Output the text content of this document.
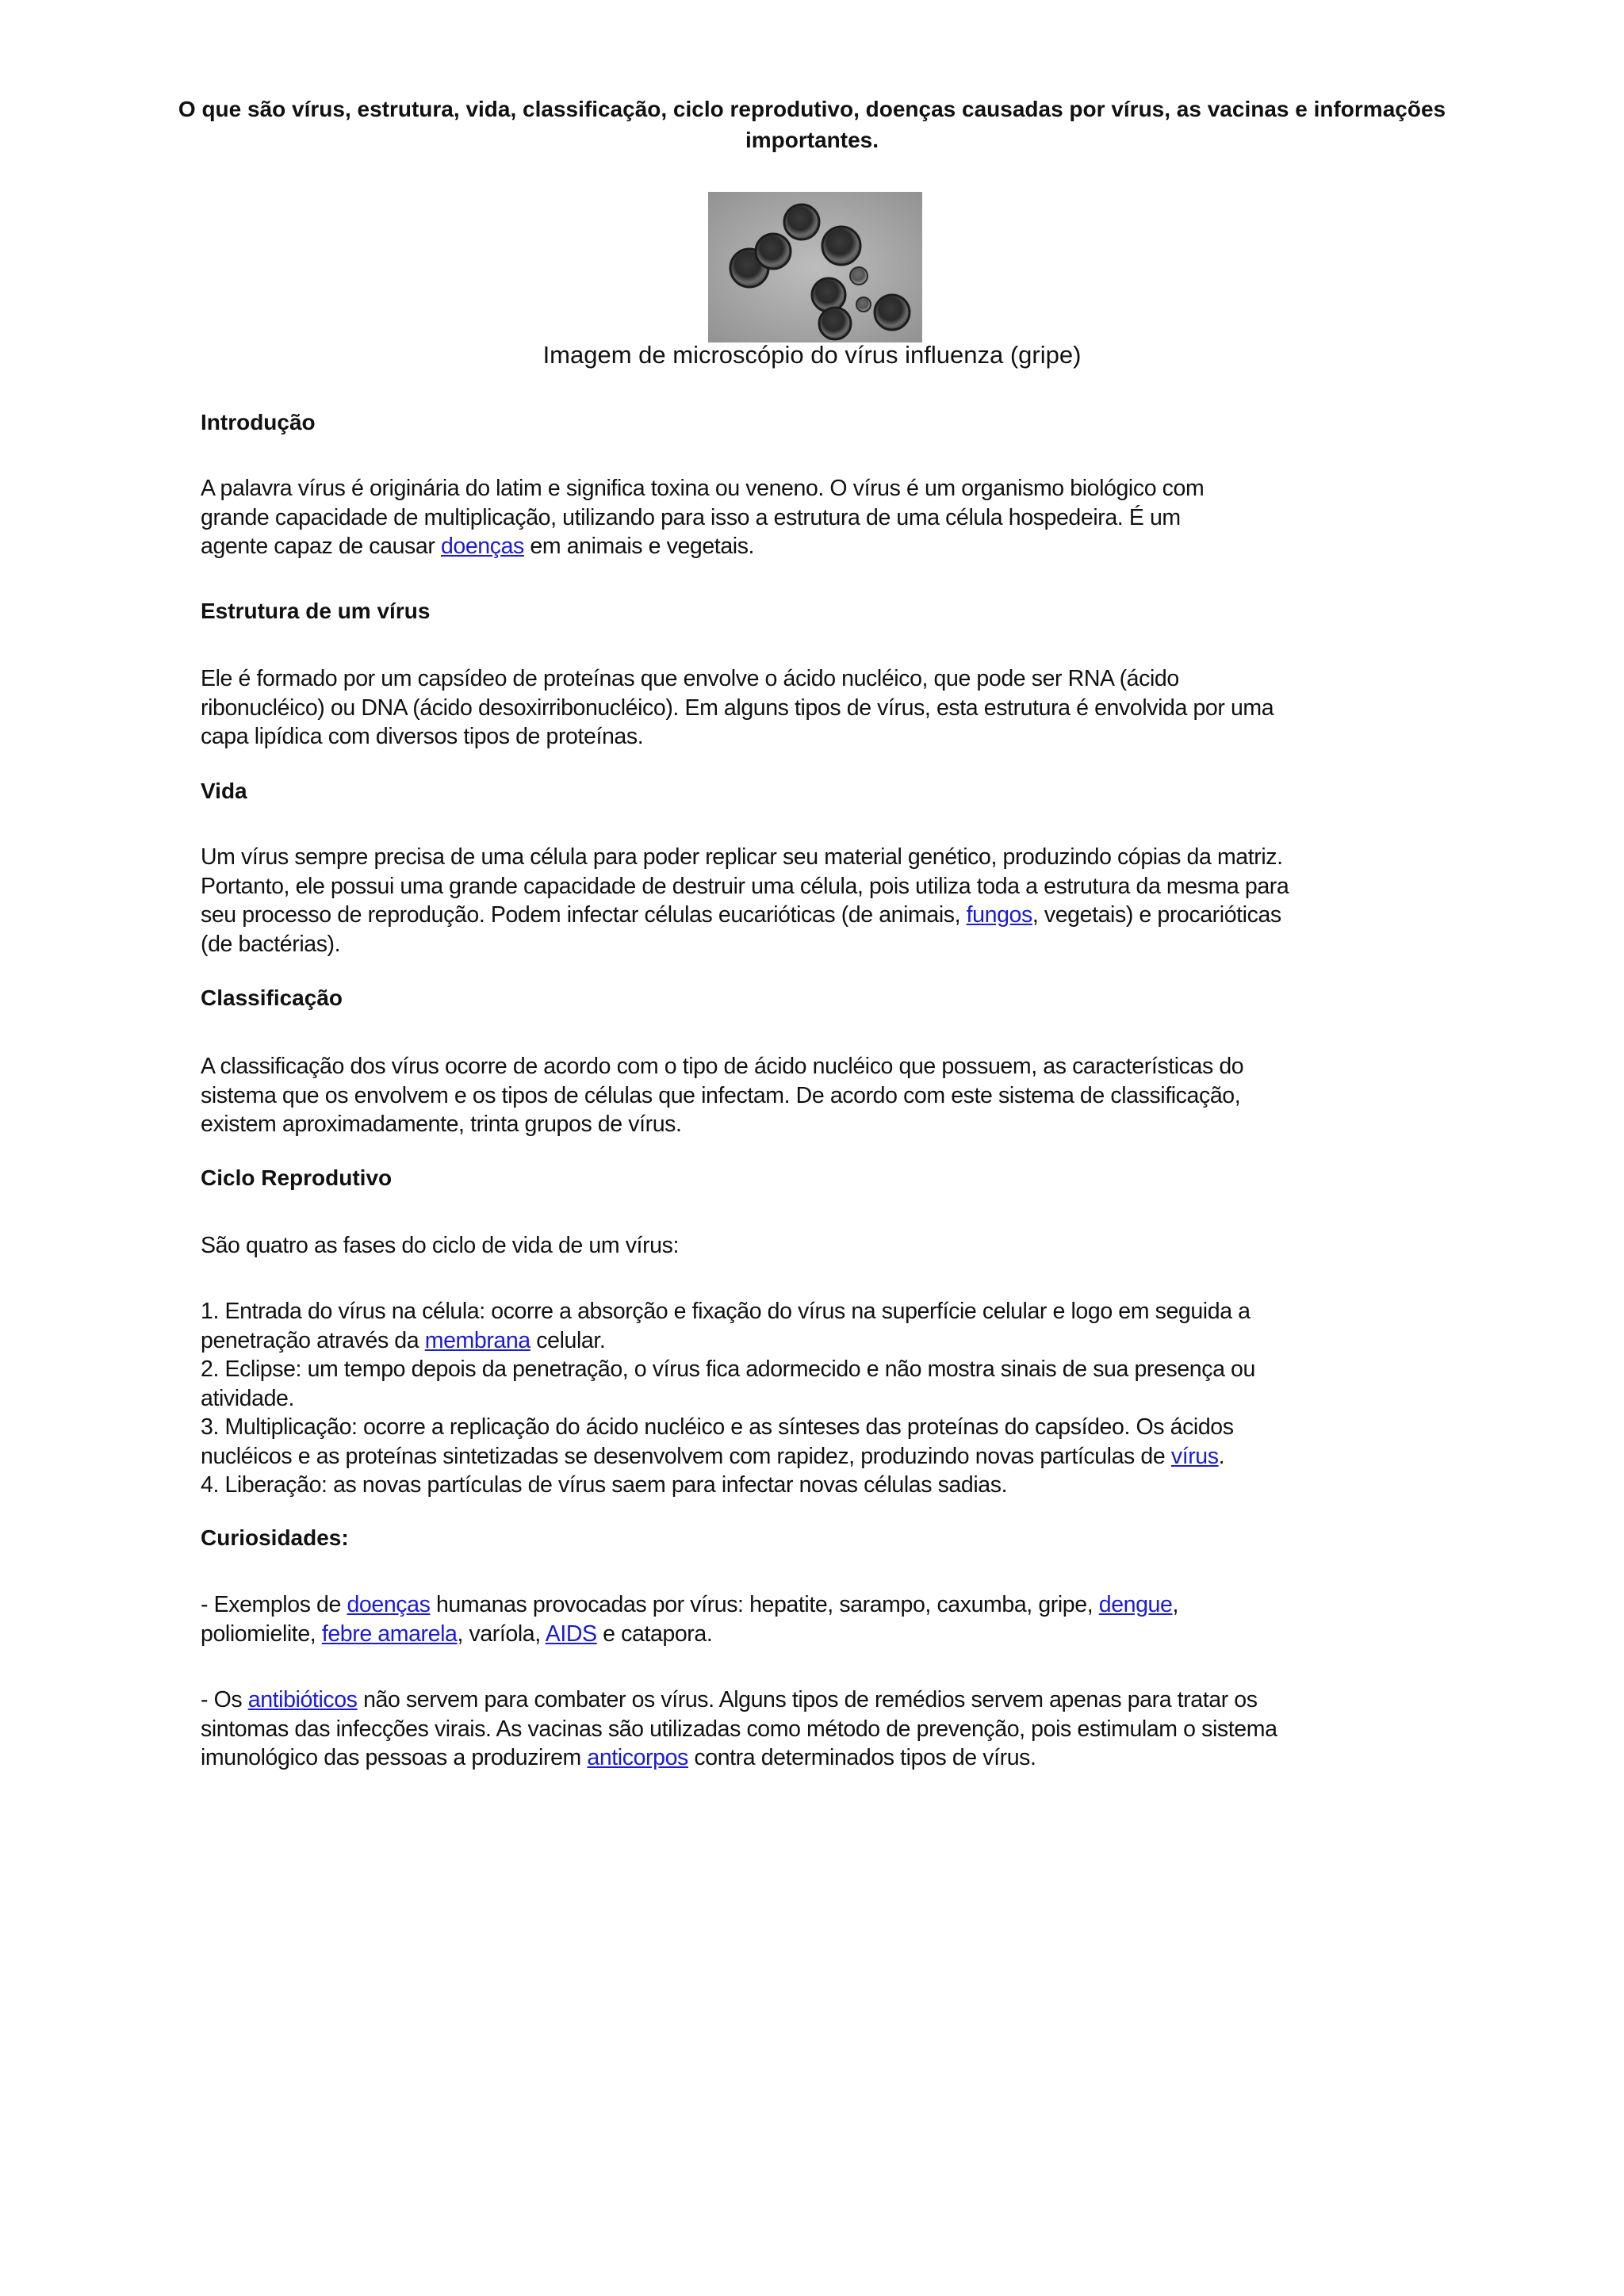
O que são vírus, estrutura, vida, classificação, ciclo reprodutivo, doenças causadas por vírus, as vacinas e informações importantes.
Imagem de microscópio do vírus influenza (gripe)
Introdução
A palavra vírus é originária do latim e significa toxina ou veneno. O vírus é um organismo biológico com
grande capacidade de multiplicação, utilizando para isso a estrutura de uma célula hospedeira. É um
agente capaz de causar doenças em animais e vegetais.
Estrutura de um vírus
Ele é formado por um capsídeo de proteínas que envolve o ácido nucléico, que pode ser RNA (ácido
ribonucléico) ou DNA (ácido desoxirribonucléico). Em alguns tipos de vírus, esta estrutura é envolvida por uma
capa lipídica com diversos tipos de proteínas.
Vida
Um vírus sempre precisa de uma célula para poder replicar seu material genético, produzindo cópias da matriz.
Portanto, ele possui uma grande capacidade de destruir uma célula, pois utiliza toda a estrutura da mesma para
seu processo de reprodução. Podem infectar células eucarióticas (de animais, fungos, vegetais) e procarióticas
(de bactérias).
Classificação
A classificação dos vírus ocorre de acordo com o tipo de ácido nucléico que possuem, as características do
sistema que os envolvem e os tipos de células que infectam. De acordo com este sistema de classificação,
existem aproximadamente, trinta grupos de vírus.
Ciclo Reprodutivo
São quatro as fases do ciclo de vida de um vírus:
1. Entrada do vírus na célula: ocorre a absorção e fixação do vírus na superfície celular e logo em seguida a
penetração através da membrana celular.
2. Eclipse: um tempo depois da penetração, o vírus fica adormecido e não mostra sinais de sua presença ou
atividade.
3. Multiplicação: ocorre a replicação do ácido nucléico e as sínteses das proteínas do capsídeo. Os ácidos
nucléicos e as proteínas sintetizadas se desenvolvem com rapidez, produzindo novas partículas de vírus.
4. Liberação: as novas partículas de vírus saem para infectar novas células sadias.
Curiosidades:
- Exemplos de doenças humanas provocadas por vírus: hepatite, sarampo, caxumba, gripe, dengue,
poliomielite, febre amarela, varíola, AIDS e catapora.
- Os antibióticos não servem para combater os vírus. Alguns tipos de remédios servem apenas para tratar os
sintomas das infecções virais. As vacinas são utilizadas como método de prevenção, pois estimulam o sistema
imunológico das pessoas a produzirem anticorpos contra determinados tipos de vírus.
